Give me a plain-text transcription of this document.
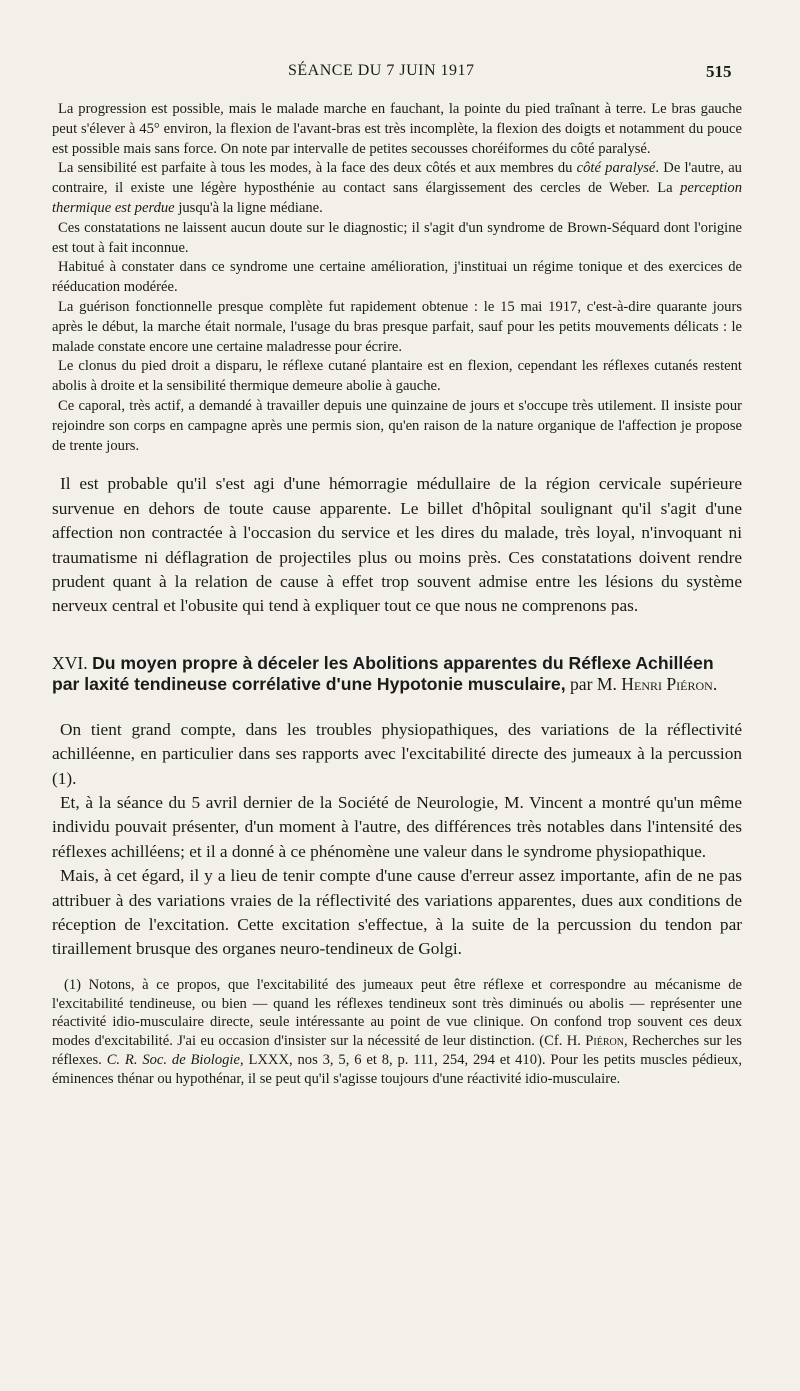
SÉANCE DU 7 JUIN 1917	515

La progression est possible, mais le malade marche en fauchant, la pointe du pied traînant à terre. Le bras gauche peut s'élever à 45° environ, la flexion de l'avant-bras est très incomplète, la flexion des doigts et notamment du pouce est possible mais sans force. On note par intervalle de petites secousses choréiformes du côté paralysé.

La sensibilité est parfaite à tous les modes, à la face des deux côtés et aux membres du côté paralysé. De l'autre, au contraire, il existe une légère hyposthénie au contact sans élargissement des cercles de Weber. La perception thermique est perdue jusqu'à la ligne médiane.

Ces constatations ne laissent aucun doute sur le diagnostic; il s'agit d'un syndrome de Brown-Séquard dont l'origine est tout à fait inconnue.

Habitué à constater dans ce syndrome une certaine amélioration, j'instituai un régime tonique et des exercices de rééducation modérée.

La guérison fonctionnelle presque complète fut rapidement obtenue : le 15 mai 1917, c'est-à-dire quarante jours après le début, la marche était normale, l'usage du bras presque parfait, sauf pour les petits mouvements délicats : le malade constate encore une certaine maladresse pour écrire.

Le clonus du pied droit a disparu, le réflexe cutané plantaire est en flexion, cependant les réflexes cutanés restent abolis à droite et la sensibilité thermique demeure abolie à gauche.

Ce caporal, très actif, a demandé à travailler depuis une quinzaine de jours et s'occupe très utilement. Il insiste pour rejoindre son corps en campagne après une permis sion, qu'en raison de la nature organique de l'affection je propose de trente jours.

Il est probable qu'il s'est agi d'une hémorragie médullaire de la région cervicale supérieure survenue en dehors de toute cause apparente. Le billet d'hôpital soulignant qu'il s'agit d'une affection non contractée à l'occasion du service et les dires du malade, très loyal, n'invoquant ni traumatisme ni déflagration de projectiles plus ou moins près. Ces constatations doivent rendre prudent quant à la relation de cause à effet trop souvent admise entre les lésions du système nerveux central et l'obusite qui tend à expliquer tout ce que nous ne comprenons pas.

XVI. Du moyen propre à déceler les Abolitions apparentes du Réflexe Achilléen par laxité tendineuse corrélative d'une Hypotonie musculaire, par M. Henri Piéron.

On tient grand compte, dans les troubles physiopathiques, des variations de la réflectivité achilléenne, en particulier dans ses rapports avec l'excitabilité directe des jumeaux à la percussion (1).

Et, à la séance du 5 avril dernier de la Société de Neurologie, M. Vincent a montré qu'un même individu pouvait présenter, d'un moment à l'autre, des différences très notables dans l'intensité des réflexes achilléens; et il a donné à ce phénomène une valeur dans le syndrome physiopathique.

Mais, à cet égard, il y a lieu de tenir compte d'une cause d'erreur assez importante, afin de ne pas attribuer à des variations vraies de la réflectivité des variations apparentes, dues aux conditions de réception de l'excitation. Cette excitation s'effectue, à la suite de la percussion du tendon par tiraillement brusque des organes neuro-tendineux de Golgi.

(1) Notons, à ce propos, que l'excitabilité des jumeaux peut être réflexe et correspondre au mécanisme de l'excitabilité tendineuse, ou bien — quand les réflexes tendineux sont très diminués ou abolis — représenter une réactivité idio-musculaire directe, seule intéressante au point de vue clinique. On confond trop souvent ces deux modes d'excitabilité. J'ai eu occasion d'insister sur la nécessité de leur distinction. (Cf. H. Piéron, Recherches sur les réflexes. C. R. Soc. de Biologie, LXXX, nos 3, 5, 6 et 8, p. 111, 254, 294 et 410). Pour les petits muscles pédieux, éminences thénar ou hypothénar, il se peut qu'il s'agisse toujours d'une réactivité idio-musculaire.
